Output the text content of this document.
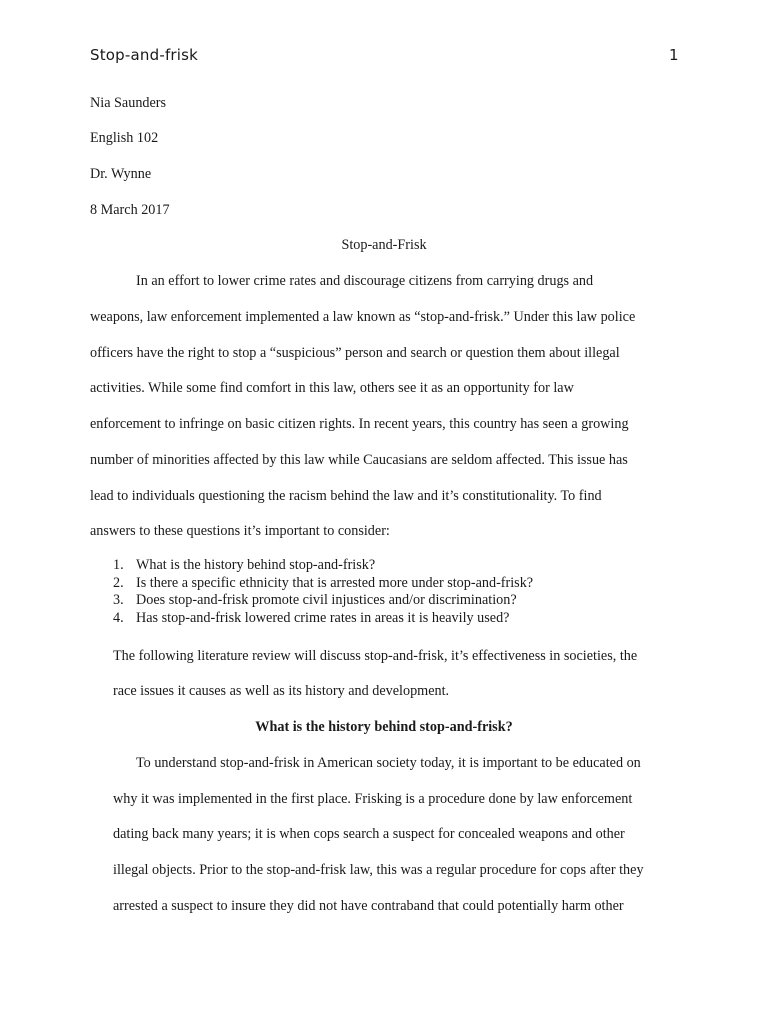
Stop-and-frisk	1
Nia Saunders
English 102
Dr. Wynne
8 March 2017
Stop-and-Frisk
In an effort to lower crime rates and discourage citizens from carrying drugs and
weapons, law enforcement implemented a law known as “stop-and-frisk.” Under this law police
officers have the right to stop a “suspicious” person and search or question them about illegal
activities. While some find comfort in this law, others see it as an opportunity for law
enforcement to infringe on basic citizen rights. In recent years, this country has seen a growing
number of minorities affected by this law while Caucasians are seldom affected. This issue has
lead to individuals questioning the racism behind the law and it’s constitutionality. To find
answers to these questions it’s important to consider:
1. What is the history behind stop-and-frisk?
2. Is there a specific ethnicity that is arrested more under stop-and-frisk?
3. Does stop-and-frisk promote civil injustices and/or discrimination?
4. Has stop-and-frisk lowered crime rates in areas it is heavily used?
The following literature review will discuss stop-and-frisk, it’s effectiveness in societies, the
race issues it causes as well as its history and development.
What is the history behind stop-and-frisk?
To understand stop-and-frisk in American society today, it is important to be educated on
why it was implemented in the first place. Frisking is a procedure done by law enforcement
dating back many years; it is when cops search a suspect for concealed weapons and other
illegal objects. Prior to the stop-and-frisk law, this was a regular procedure for cops after they
arrested a suspect to insure they did not have contraband that could potentially harm other
